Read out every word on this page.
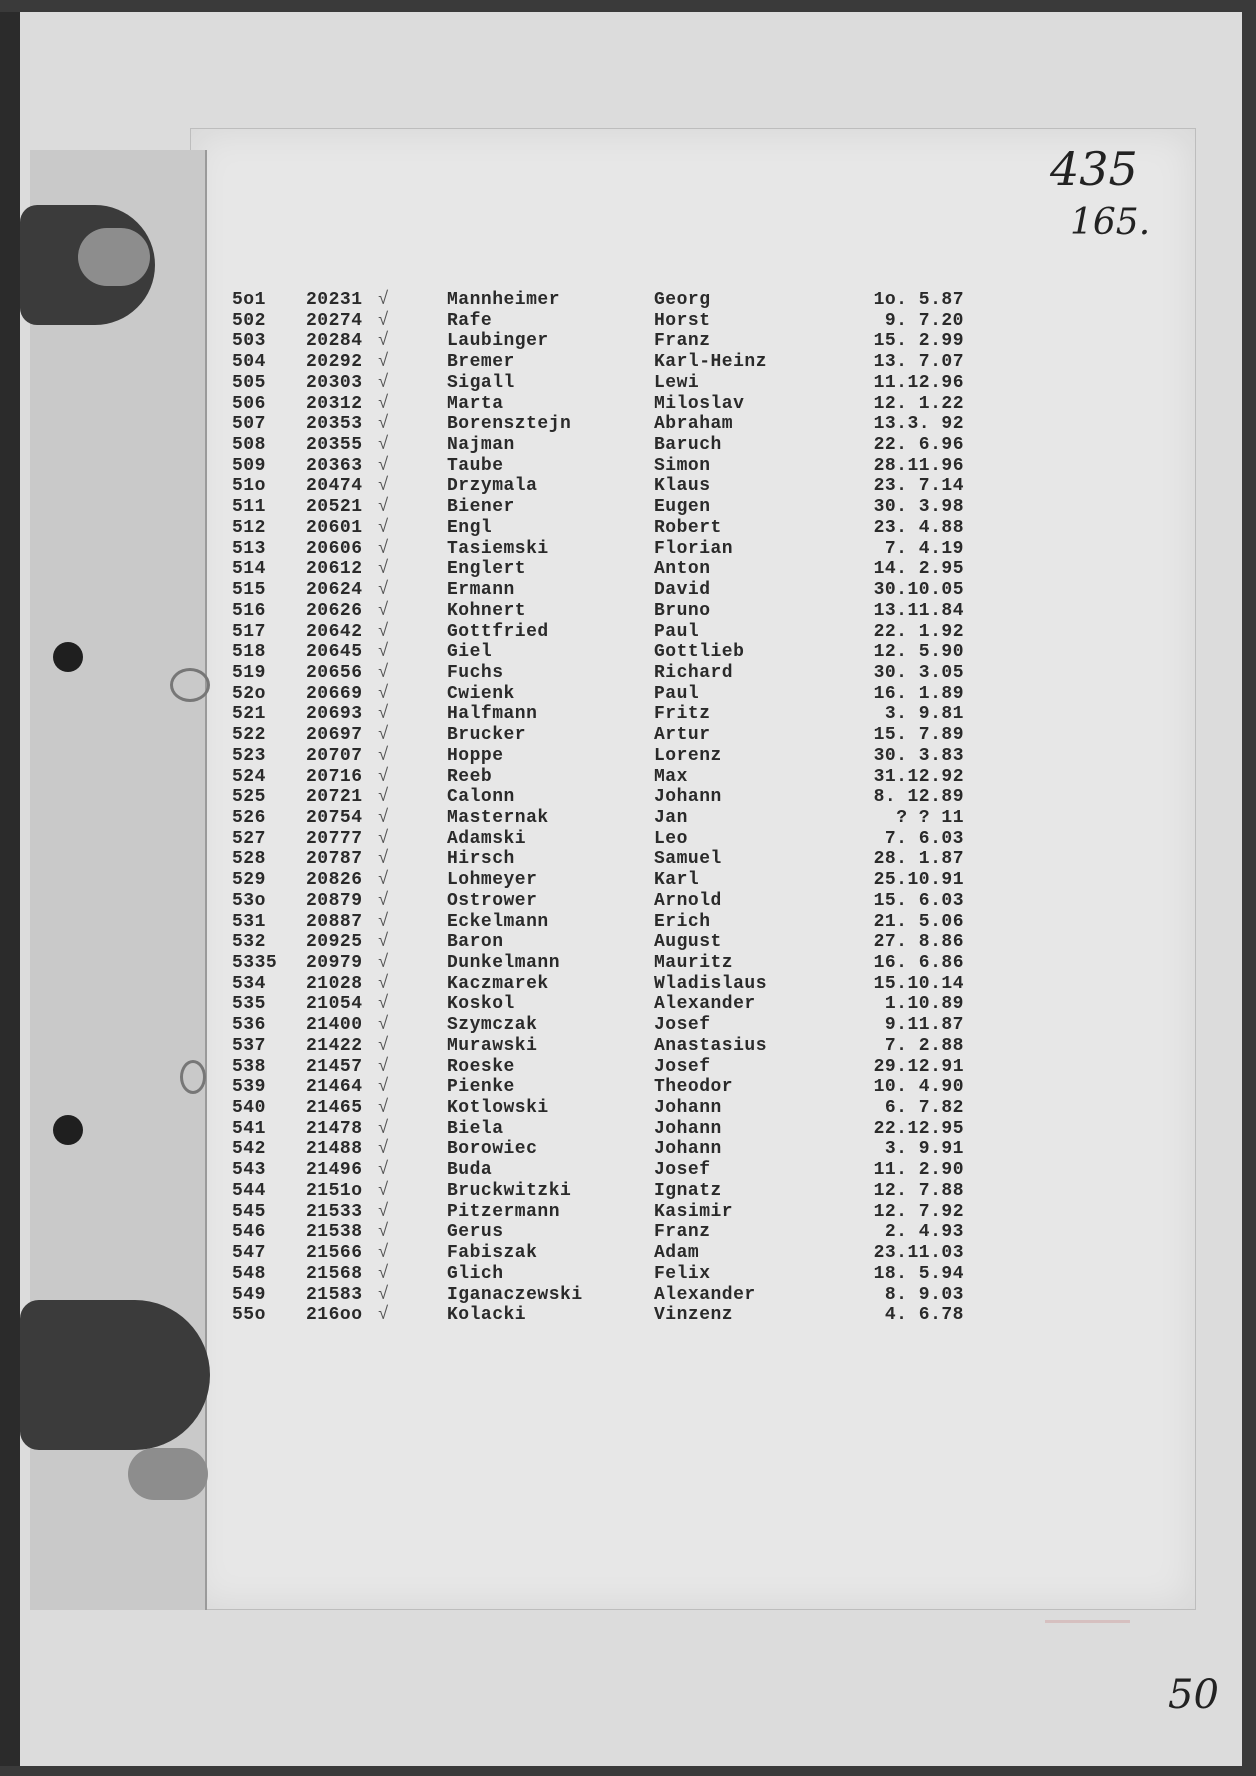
435
165.
50
5o1 20231 √	Mannheimer	Georg	1o. 5.87
502 20274 √	Rafe	Horst	9. 7.20
503 20284 √	Laubinger	Franz	15. 2.99
504 20292 √	Bremer	Karl-Heinz	13. 7.07
505 20303 √	Sigall	Lewi	11.12.96
506 20312 √	Marta	Miloslav	12. 1.22
507 20353 √	Borensztejn	Abraham	13.3. 92
508 20355 √	Najman	Baruch	22. 6.96
509 20363 √	Taube	Simon	28.11.96
51o 20474 √	Drzymala	Klaus	23. 7.14
511 20521 √	Biener	Eugen	30. 3.98
512 20601 √	Engl	Robert	23. 4.88
513 20606 √	Tasiemski	Florian	7. 4.19
514 20612 √	Englert	Anton	14. 2.95
515 20624 √	Ermann	David	30.10.05
516 20626 √	Kohnert	Bruno	13.11.84
517 20642 √	Gottfried	Paul	22. 1.92
518 20645 √	Giel	Gottlieb	12. 5.90
519 20656 √	Fuchs	Richard	30. 3.05
52o 20669 √	Cwienk	Paul	16. 1.89
521 20693 √	Halfmann	Fritz	3. 9.81
522 20697 √	Brucker	Artur	15. 7.89
523 20707 √	Hoppe	Lorenz	30. 3.83
524 20716 √	Reeb	Max	31.12.92
525 20721 √	Calonn	Johann	8. 12.89
526 20754 √	Masternak	Jan	? ? 11
527 20777 √	Adamski	Leo	7. 6.03
528 20787 √	Hirsch	Samuel	28. 1.87
529 20826 √	Lohmeyer	Karl	25.10.91
53o 20879 √	Ostrower	Arnold	15. 6.03
531 20887 √	Eckelmann	Erich	21. 5.06
532 20925 √	Baron	August	27. 8.86
5335 20979 √	Dunkelmann	Mauritz	16. 6.86
534 21028 √	Kaczmarek	Wladislaus	15.10.14
535 21054 √	Koskol	Alexander	1.10.89
536 21400 √	Szymczak	Josef	9.11.87
537 21422 √	Murawski	Anastasius	7. 2.88
538 21457 √	Roeske	Josef	29.12.91
539 21464 √	Pienke	Theodor	10. 4.90
540 21465 √	Kotlowski	Johann	6. 7.82
541 21478 √	Biela	Johann	22.12.95
542 21488 √	Borowiec	Johann	3. 9.91
543 21496 √	Buda	Josef	11. 2.90
544 2151o √	Bruckwitzki	Ignatz	12. 7.88
545 21533 √	Pitzermann	Kasimir	12. 7.92
546 21538 √	Gerus	Franz	2. 4.93
547 21566 √	Fabiszak	Adam	23.11.03
548 21568 √	Glich	Felix	18. 5.94
549 21583 √	Iganaczewski	Alexander	8. 9.03
55o 216oo √	Kolacki	Vinzenz	4. 6.78
